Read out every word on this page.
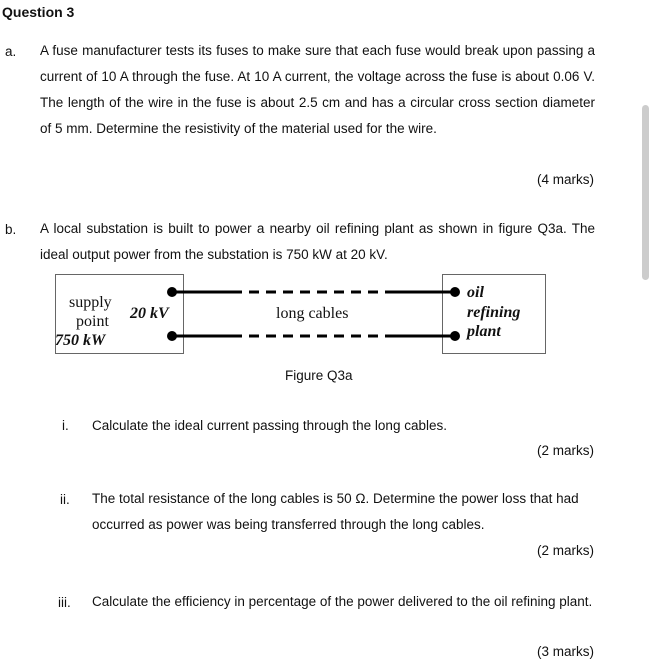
Question 3
a. A fuse manufacturer tests its fuses to make sure that each fuse would break upon passing a current of 10 A through the fuse. At 10 A current, the voltage across the fuse is about 0.06 V. The length of the wire in the fuse is about 2.5 cm and has a circular cross section diameter of 5 mm. Determine the resistivity of the material used for the wire.
(4 marks)
b. A local substation is built to power a nearby oil refining plant as shown in figure Q3a. The ideal output power from the substation is 750 kW at 20 kV.
supply
point
750 kW
20 kV	long cables
oil
refining
plant
Figure Q3a
i. Calculate the ideal current passing through the long cables.
(2 marks)
ii. The total resistance of the long cables is 50 Ω. Determine the power loss that had occurred as power was being transferred through the long cables.
(2 marks)
iii. Calculate the efficiency in percentage of the power delivered to the oil refining plant.
(3 marks)
